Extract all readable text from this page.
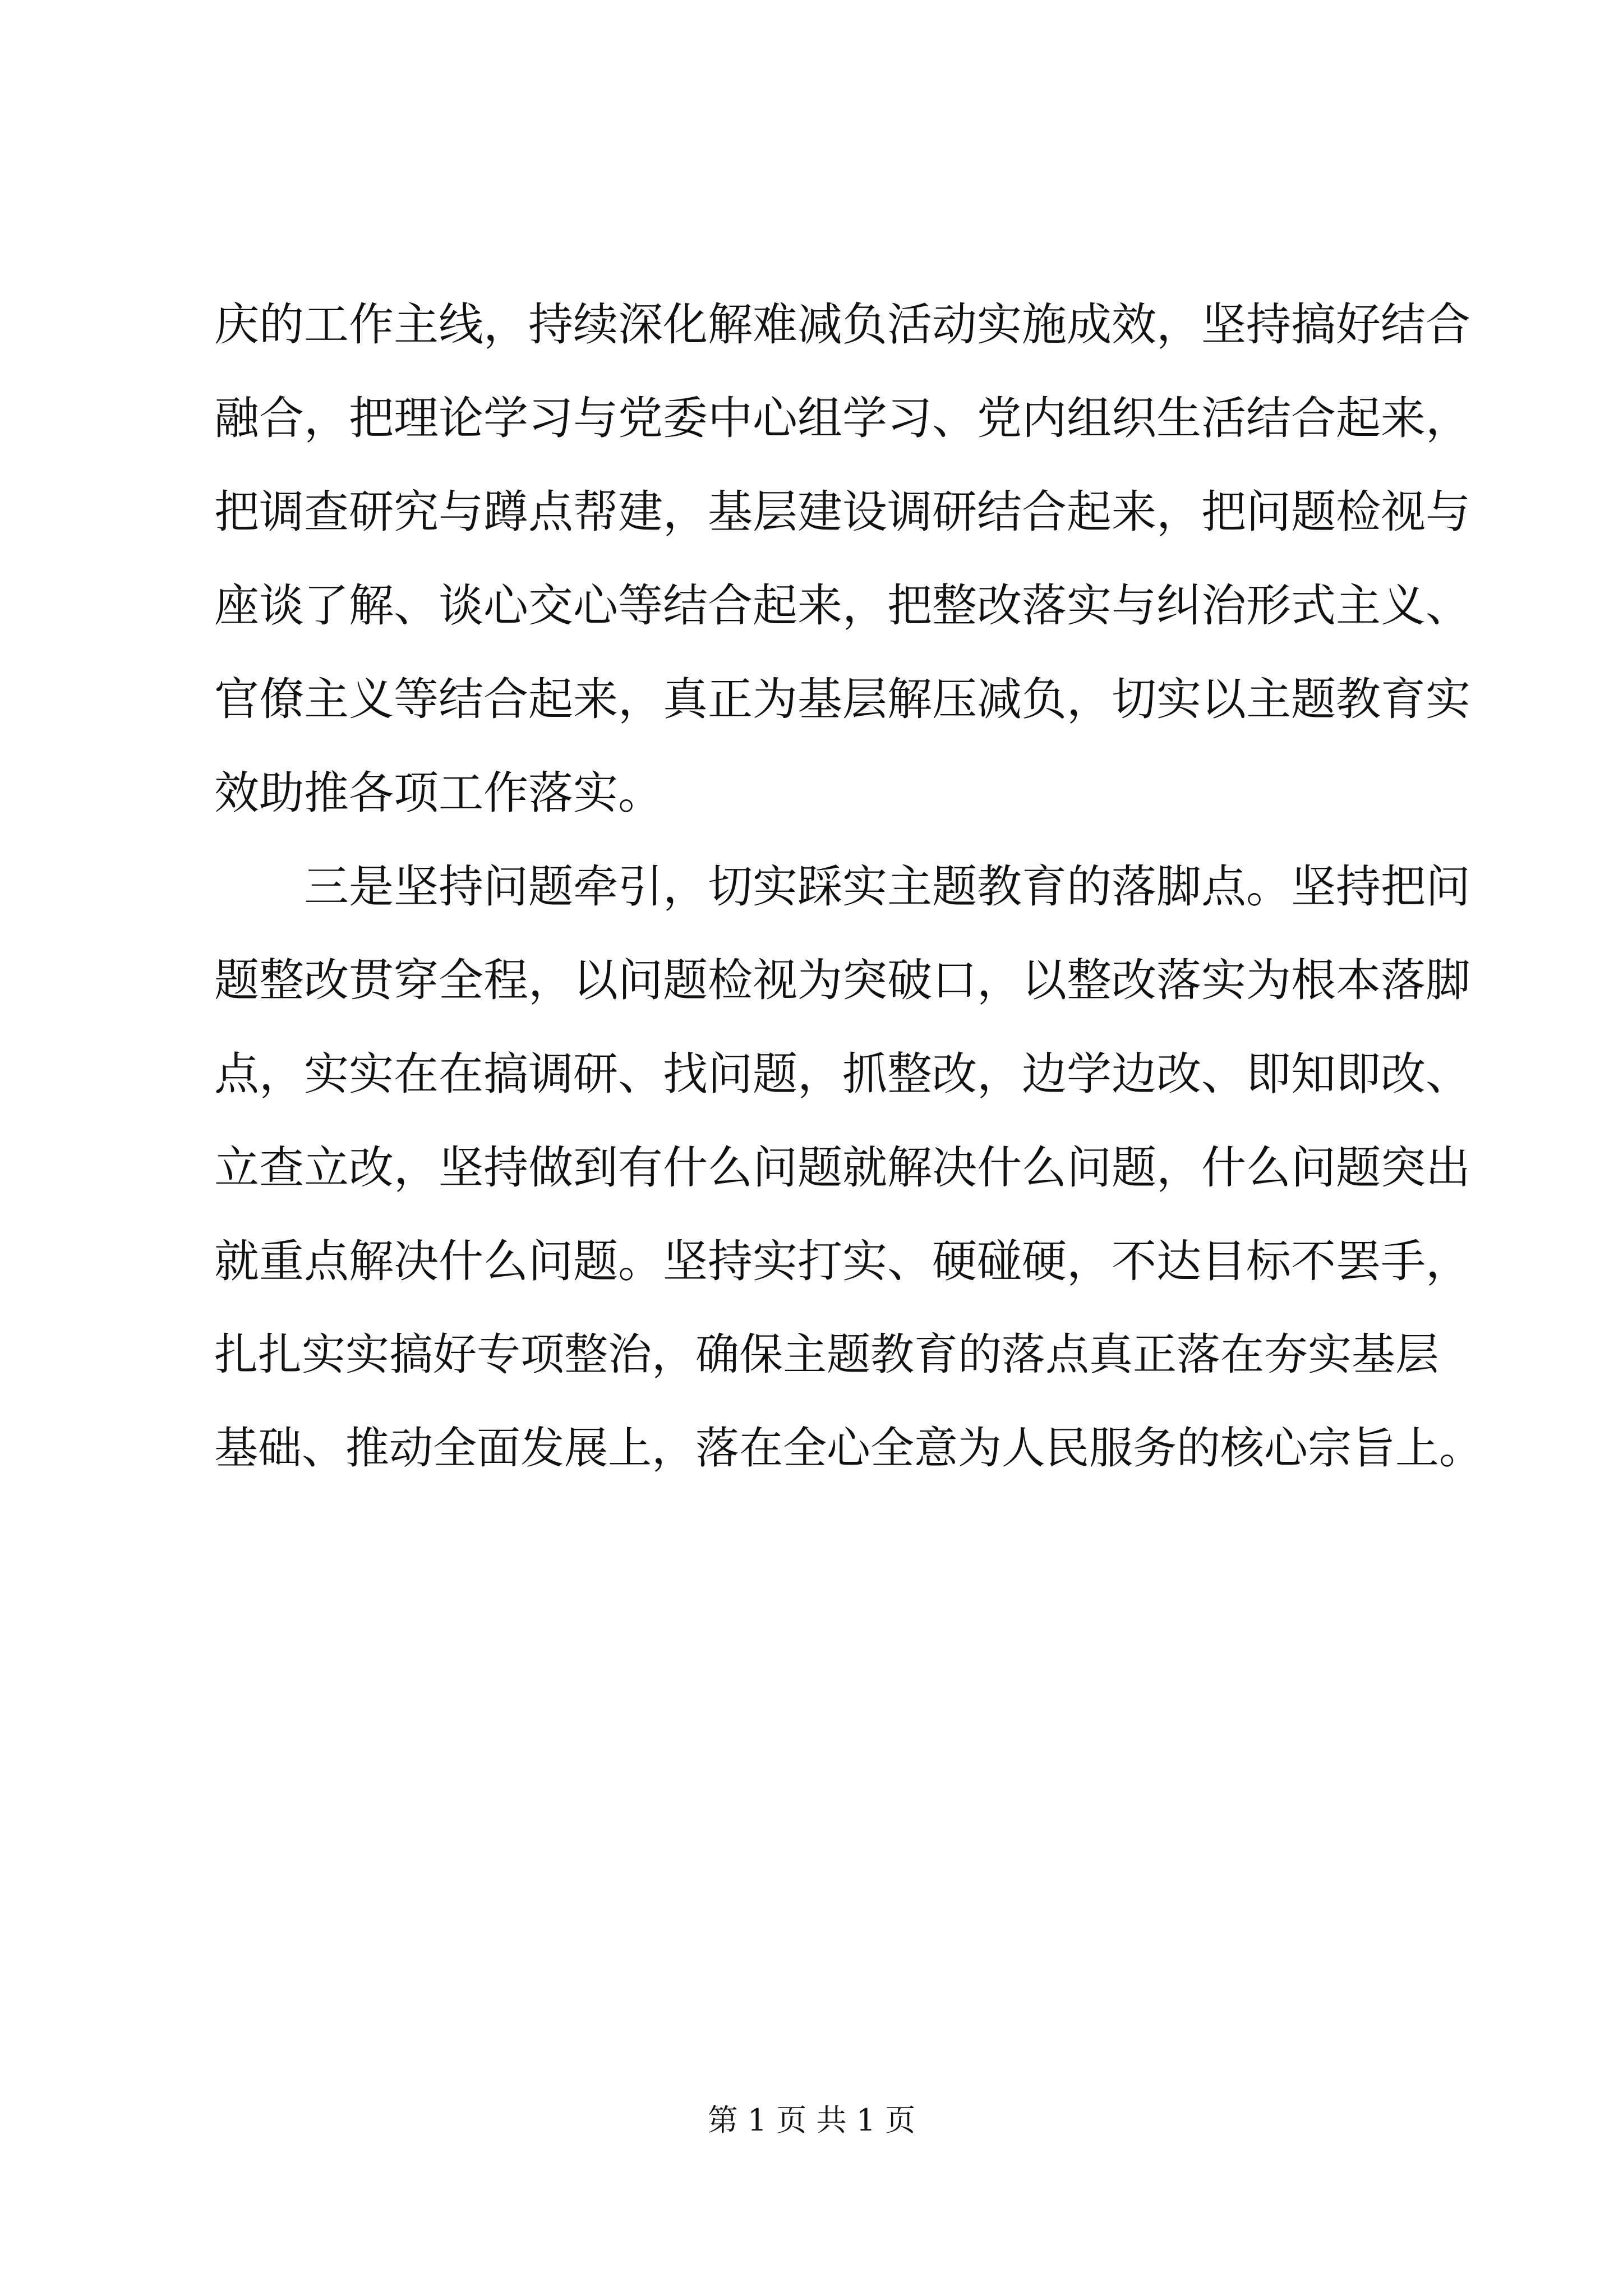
庆的工作主线，持续深化解难减负活动实施成效，坚持搞好结合
融合，把理论学习与党委中心组学习、党内组织生活结合起来，
把调查研究与蹲点帮建，基层建设调研结合起来，把问题检视与
座谈了解、谈心交心等结合起来，把整改落实与纠治形式主义、
官僚主义等结合起来，真正为基层解压减负，切实以主题教育实
效助推各项工作落实。
　　三是坚持问题牵引，切实踩实主题教育的落脚点。坚持把问
题整改贯穿全程，以问题检视为突破口，以整改落实为根本落脚
点，实实在在搞调研、找问题，抓整改，边学边改、即知即改、
立查立改，坚持做到有什么问题就解决什么问题，什么问题突出
就重点解决什么问题。坚持实打实、硬碰硬，不达目标不罢手，
扎扎实实搞好专项整治，确保主题教育的落点真正落在夯实基层
基础、推动全面发展上，落在全心全意为人民服务的核心宗旨上。
第 1 页 共 1 页
